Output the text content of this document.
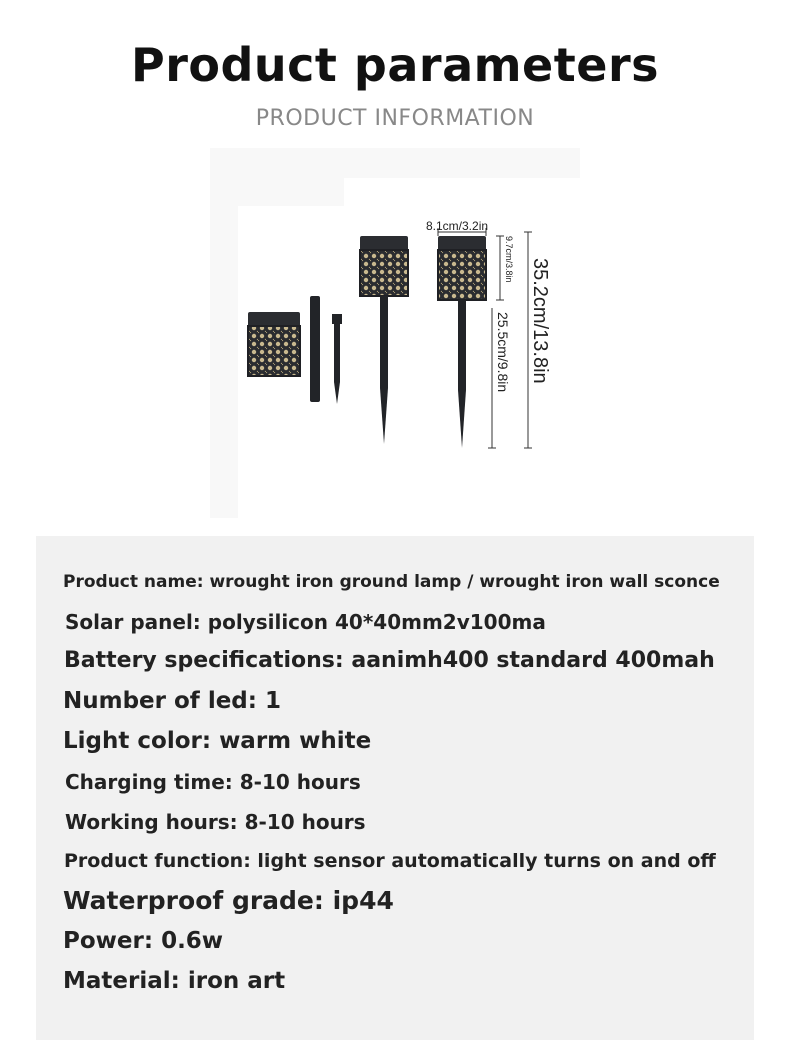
Product parameters
PRODUCT INFORMATION
8.1cm/3.2in
9.7cm/3.8in
25.5cm/9.8in 35.2cm/13.8in
Product name: wrought iron ground lamp / wrought iron wall sconce
Solar panel: polysilicon 40*40mm2v100ma
Battery specifications: aanimh400 standard 400mah
Number of led: 1
Light color: warm white
Charging time: 8-10 hours
Working hours: 8-10 hours
Product function: light sensor automatically turns on and off
Waterproof grade: ip44
Power: 0.6w
Material: iron art
